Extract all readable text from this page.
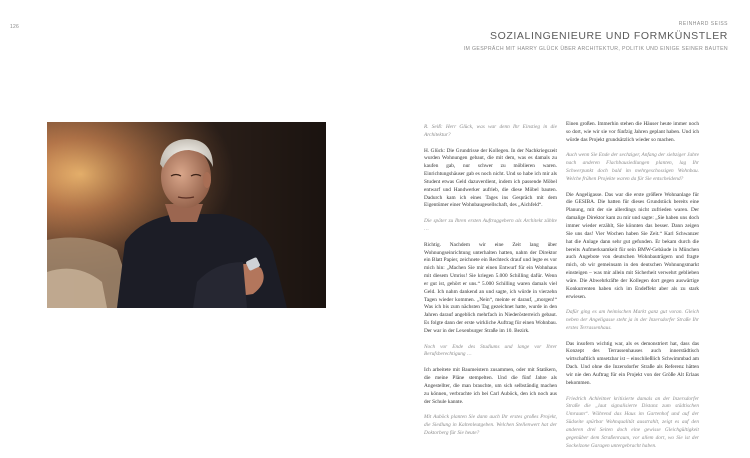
126	REINHARD SEISS
SOZIALINGENIEURE UND FORMKÜNSTLER
IM GESPRÄCH MIT HARRY GLÜCK ÜBER ARCHITEKTUR, POLITIK UND EINIGE SEINER BAUTEN

R. Seiß: Herr Glück, was war denn Ihr Einstieg in die Architektur?

H. Glück: Die Grundrisse der Kollegen. In der Nachkriegszeit wurden Wohnungen gebaut, die mit dem, was es damals zu kaufen gab, nur schwer zu möblieren waren. Einrichtungshäuser gab es noch nicht. Und so habe ich mir als Student etwas Geld dazuverdient, indem ich passende Möbel entwarf und Handwerker aufrieb, die diese Möbel bauten. Dadurch kam ich eines Tages ins Gespräch mit dem Eigentümer einer Wohnbaugesellschaft, des „Aichfeld“.

Die später zu Ihren ersten Auftraggebern als Architekt zählte …

Richtig. Nachdem wir eine Zeit lang über Wohnungseinrichtung unterhalten hatten, nahm der Direktor ein Blatt Papier, zeichnete ein Rechteck drauf und legte es vor mich hin: „Machen Sie mir einen Entwurf für ein Wohnhaus mit diesem Umriss! Sie kriegen 5.000 Schilling dafür. Wenn er gut ist, gehört er uns.“ 5.000 Schilling waren damals viel Geld. Ich nahm dankend an und sagte, ich würde in vierzehn Tagen wieder kommen. „Nein“, meinte er darauf, „morgen!“ Was ich bis zum nächsten Tag gezeichnet hatte, wurde in den Jahren darauf angeblich mehrfach in Niederösterreich gebaut. Es folgte dann der erste wirkliche Auftrag für einen Wohnbau. Der war in der Lexenburger Straße im 10. Bezirk.

Noch vor Ende des Studiums und lange vor Ihrer Berufsberechtigung …

Ich arbeitete mit Baumeistern zusammen, oder mit Statikern, die meine Pläne stempelten. Und die fünf Jahre als Angestellter, die man brauchte, um sich selbständig machen zu können, verbrachte ich bei Carl Auböck, den ich noch aus der Schule kannte.

Mit Auböck planten Sie dann auch Ihr erstes großes Projekt, die Siedlung in Kaltenleutgeben. Welchen Stellenwert hat der Doktorberg für Sie heute?

Einen großen. Immerhin stehen die Häuser heute immer noch so dort, wie wir sie vor fünfzig Jahren geplant haben. Und ich würde das Projekt grundsätzlich wieder so machen.

Auch wenn Sie Ende der sechziger, Anfang der siebziger Jahre nach anderen Flachbausiedlungen planten, lag Ihr Schwerpunkt doch bald im mehrgeschossigen Wohnbau. Welche frühen Projekte waren da für Sie entscheidend?

Die Angeligasse. Das war die erste größere Wohnanlage für die GESIBA. Die hatten für dieses Grundstück bereits eine Planung, mit der sie allerdings nicht zufrieden waren. Der damalige Direktor kam zu mir und sagte: „Sie haben uns doch immer wieder erzählt, Sie könnten das besser. Dann zeigen Sie uns das! Vier Wochen haben Sie Zeit.“ Karl Schwanzer hat die Anlage dann sehr gut gefunden. Er bekam durch die bereits Aufmerksamkeit für sein BMW-Gebäude in München auch Angebote von deutschen Wohnbauträgern und fragte mich, ob wir gemeinsam in den deutschen Wohnungsmarkt einsteigen – was mir allein mit Sicherheit verwehrt geblieben wäre. Die Abwehrkräfte der Kollegen dort gegen auswärtige Konkurrenten haben sich im Endeffekt aber als zu stark erwiesen.

Dafür ging es am heimischen Markt ganz gut voran. Gleich neben der Angeligasse steht ja in der Inzersdorfer Straße Ihr erstes Terrassenhaus.

Das insofern wichtig war, als es demonstriert hat, dass das Konzept des Terrassenhauses auch innerstädtisch wirtschaftlich umsetzbar ist – einschließlich Schwimmbad am Dach. Und ohne die Inzersdorfer Straße als Referenz hätten wir nie den Auftrag für ein Projekt von der Größe Alt Erlaas bekommen.

Friedrich Achleitner kritisierte damals an der Inzersdorfer Straße die „laut signalisierte Distanz zum städtischen Umraum“. Während das Haus im Gartenhof und auf der Südseite spürbar Wohnqualität ausstrahlt, zeigt es auf den anderen drei Seiten doch eine gewisse Gleichgültigkeit gegenüber dem Straßenraum, vor allem dort, wo Sie ist der Sockelzone Garagen untergebracht haben.
